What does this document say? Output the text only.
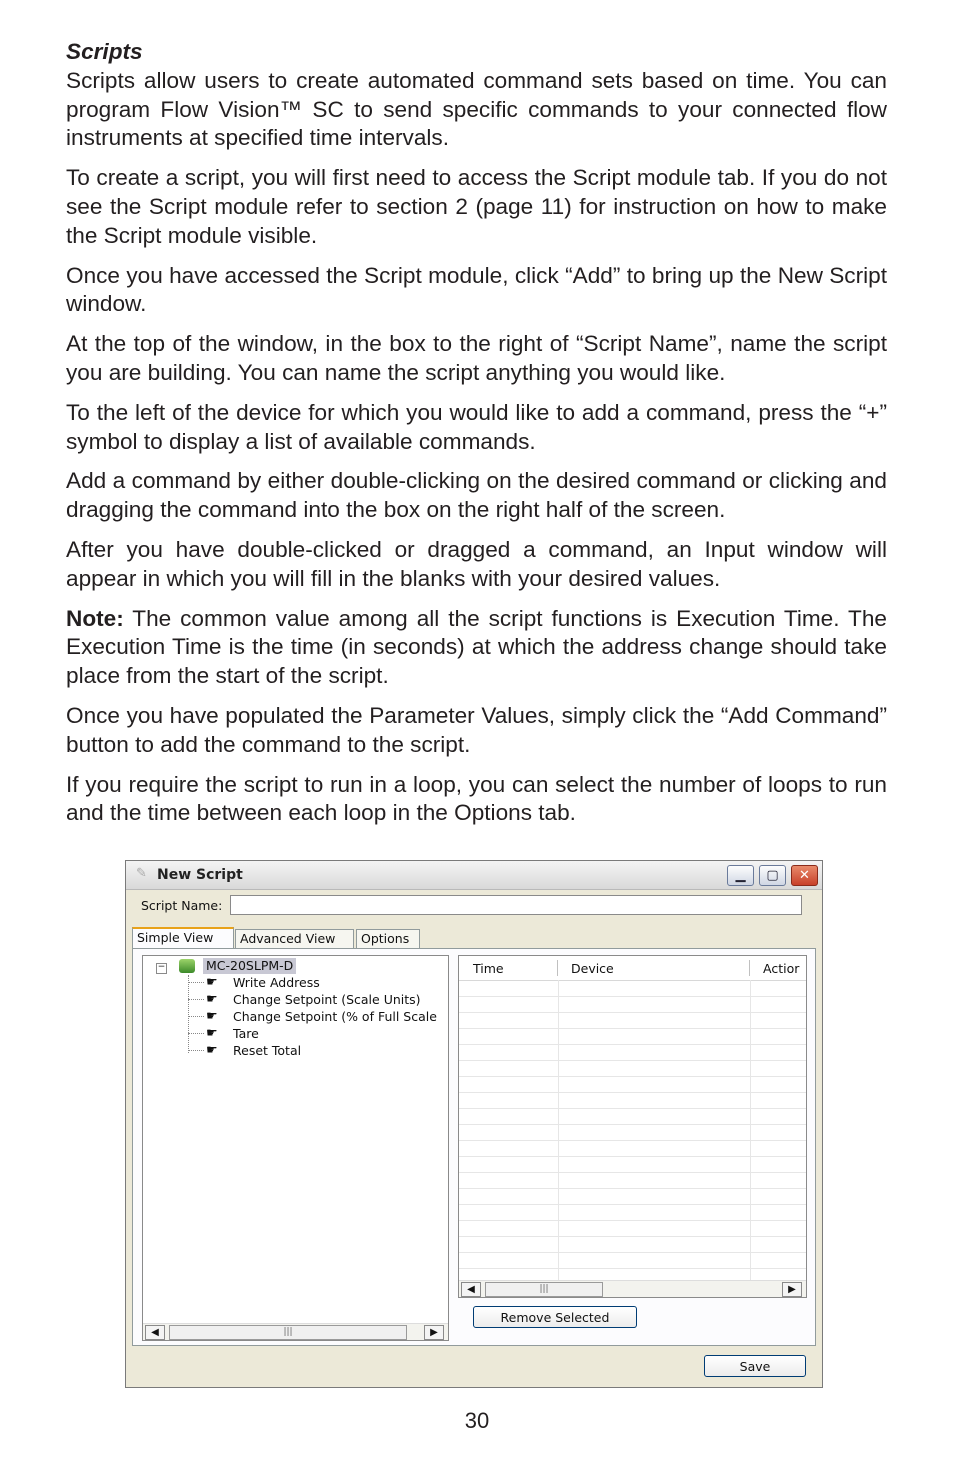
Scripts

Scripts allow users to create automated command sets based on time. You can program Flow Vision™ SC to send specific commands to your connected flow instruments at specified time intervals.

To create a script, you will first need to access the Script module tab. If you do not see the Script module refer to section 2 (page 11) for instruction on how to make the Script module visible.

Once you have accessed the Script module, click “Add” to bring up the New Script window.

At the top of the window, in the box to the right of “Script Name”, name the script you are building. You can name the script anything you would like.

To the left of the device for which you would like to add a command, press the “+” symbol to display a list of available commands.

Add a command by either double-clicking on the desired command or clicking and dragging the command into the box on the right half of the screen.

After you have double-clicked or dragged a command, an Input window will appear in which you will fill in the blanks with your desired values.

Note: The common value among all the script functions is Execution Time. The Execution Time is the time (in seconds) at which the address change should take place from the start of the script.

Once you have populated the Parameter Values, simply click the “Add Command” button to add the command to the script.

If you require the script to run in a loop, you can select the number of loops to run and the time between each loop in the Options tab.

✎ New Script	▁	▢	✕
Script Name:
Simple View	Advanced View	Options
−	MC-20SLPM-D
☛ Write Address
☛ Change Setpoint (Scale Units)
☛ Change Setpoint (% of Full Scale
☛ Tare
☛ Reset Total
◀	|||	▶
Time	Device	Actior
◀	|||	▶
Remove Selected
Save
30
